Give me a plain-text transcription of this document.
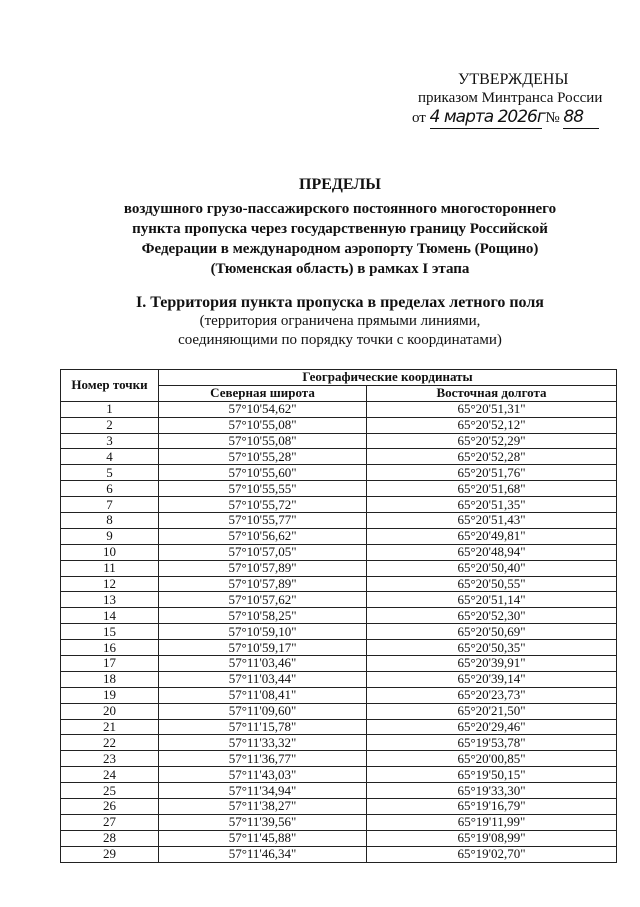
УТВЕРЖДЕНЫ
приказом Минтранса России
от 4 марта 2026г № 88
ПРЕДЕЛЫ
воздушного грузо-пассажирского постоянного многостороннего
пункта пропуска через государственную границу Российской
Федерации в международном аэропорту Тюмень (Рощино)
(Тюменская область) в рамках I этапа
I. Территория пункта пропуска в пределах летного поля
(территория ограничена прямыми линиями,
соединяющими по порядку точки с координатами)
Номер точки	Географические координаты	
	Северная широта	Восточная долгота
1	57°10'54,62"	65°20'51,31"
2	57°10'55,08"	65°20'52,12"
3	57°10'55,08"	65°20'52,29"
4	57°10'55,28"	65°20'52,28"
5	57°10'55,60"	65°20'51,76"
6	57°10'55,55"	65°20'51,68"
7	57°10'55,72"	65°20'51,35"
8	57°10'55,77"	65°20'51,43"
9	57°10'56,62"	65°20'49,81"
10	57°10'57,05"	65°20'48,94"
11	57°10'57,89"	65°20'50,40"
12	57°10'57,89"	65°20'50,55"
13	57°10'57,62"	65°20'51,14"
14	57°10'58,25"	65°20'52,30"
15	57°10'59,10"	65°20'50,69"
16	57°10'59,17"	65°20'50,35"
17	57°11'03,46"	65°20'39,91"
18	57°11'03,44"	65°20'39,14"
19	57°11'08,41"	65°20'23,73"
20	57°11'09,60"	65°20'21,50"
21	57°11'15,78"	65°20'29,46"
22	57°11'33,32"	65°19'53,78"
23	57°11'36,77"	65°20'00,85"
24	57°11'43,03"	65°19'50,15"
25	57°11'34,94"	65°19'33,30"
26	57°11'38,27"	65°19'16,79"
27	57°11'39,56"	65°19'11,99"
28	57°11'45,88"	65°19'08,99"
29	57°11'46,34"	65°19'02,70"
